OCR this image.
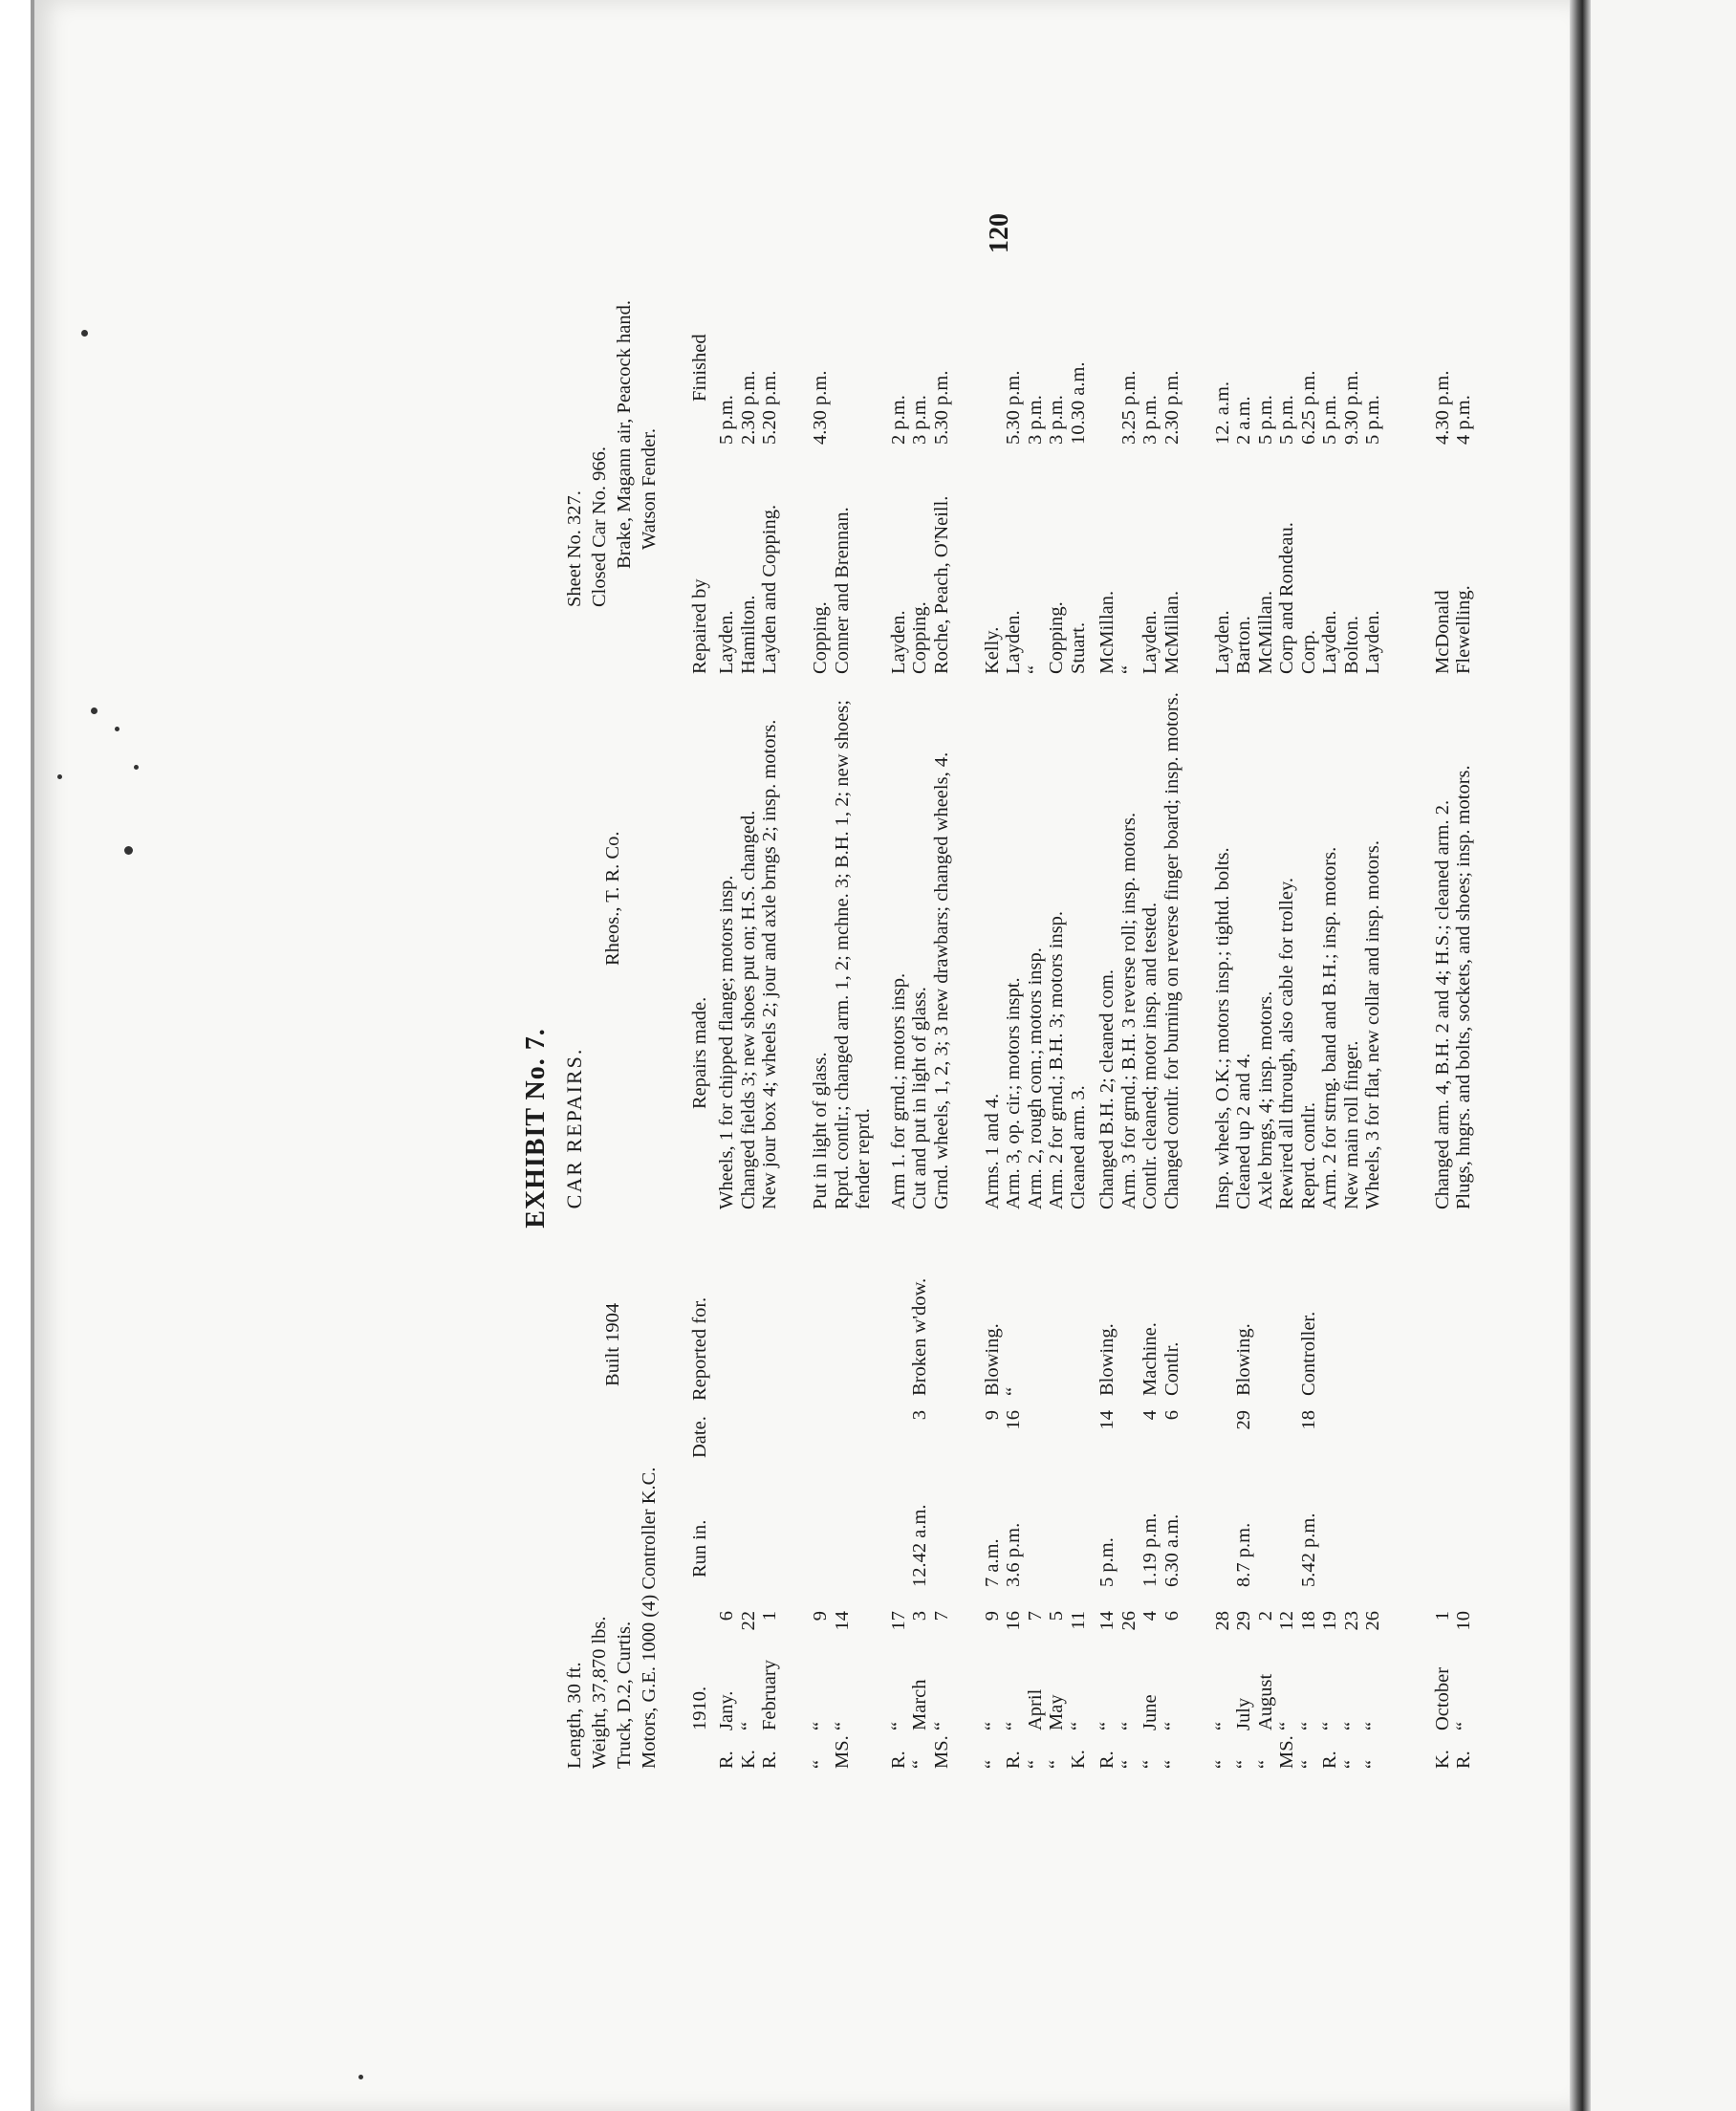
120
EXHIBIT No. 7. CAR REPAIRS.
Built 1904
Rheos., T. R. Co.
Length, 30 ft. Weight, 37,870 lbs. Truck, D.2, Curtis. Motors, G.E. 1000 (4) Controller K.C.
Sheet No. 327. Closed Car No. 966. Brake, Magann air, Peacock hand. Watson Fender.
1910.
Run in.
Date.
Reported for.
Repairs made.
Repaired by
Finished
R.
Jany.
6
Wheels, 1 for chipped flange; motors insp.
Layden.
5 p.m.
K.
“
22
Changed fields 3; new shoes put on; H.S. changed.
Hamilton.
2.30 p.m.
R.
February
1
New jour box 4; wheels 2; jour and axle brngs 2; insp. motors.
Layden and Copping.
5.20 p.m.
“
“
9
Put in light of glass.
Copping.
4.30 p.m.
MS.
“
14
Rprd. contlr.; changed arm. 1, 2; mchne. 3; B.H. 1, 2; new shoes; fender reprd.
Conner and Brennan.
R.
“
17
Arm 1. for grnd.; motors insp.
Layden.
2 p.m.
“
March
3
12.42 a.m.
3
Broken w'dow.
Cut and put in light of glass.
Copping.
3 p.m.
MS.
“
7
Grnd. wheels, 1, 2, 3; 3 new drawbars; changed wheels, 4.
Roche, Peach, O'Neill.
5.30 p.m.
“
“
9
7 a.m.
9
Blowing.
Arms. 1 and 4.
Kelly.
R.
“
16
3.6 p.m.
16
“
Arm. 3, op. cir.; motors inspt.
Layden.
5.30 p.m.
“
April
7
Arm. 2, rough com.; motors insp.
“
3 p.m.
“
May
5
Arm. 2 for grnd.; B.H. 3; motors insp.
Copping.
3 p.m.
K.
“
11
Cleaned arm. 3.
Stuart.
10.30 a.m.
R.
“
14
5 p.m.
14
Blowing.
Changed B.H. 2; cleaned com.
McMillan.
“
“
26
Arm. 3 for grnd.; B.H. 3 reverse roll; insp. motors.
“
3.25 p.m.
“
June
4
1.19 p.m.
4
Machine.
Contlr. cleaned; motor insp. and tested.
Layden.
3 p.m.
“
“
6
6.30 a.m.
6
Contlr.
Changed contlr. for burning on reverse finger board; insp. motors.
McMillan.
2.30 p.m.
“
“
28
Insp. wheels, O.K.; motors insp.; tightd. bolts.
Layden.
12. a.m.
“
July
29
8.7 p.m.
29
Blowing.
Cleaned up 2 and 4.
Barton.
2 a.m.
“
August
2
Axle brngs, 4; insp. motors.
McMillan.
5 p.m.
MS.
“
12
Rewired all through, also cable for trolley.
Corp and Rondeau.
5 p.m.
“
“
18
5.42 p.m.
18
Controller.
Reprd. contlr.
Corp.
6.25 p.m.
R.
“
19
Arm. 2 for strng. band and B.H.; insp. motors.
Layden.
5 p.m.
“
“
23
New main roll finger.
Bolton.
9.30 p.m.
“
“
26
Wheels, 3 for flat, new collar and insp. motors.
Layden.
5 p.m.
K.
October
1
Changed arm. 4, B.H. 2 and 4; H.S.; cleaned arm. 2.
McDonald
4.30 p.m.
R.
“
10
Plugs, hngrs. and bolts, sockets, and shoes; insp. motors.
Flewelling.
4 p.m.
